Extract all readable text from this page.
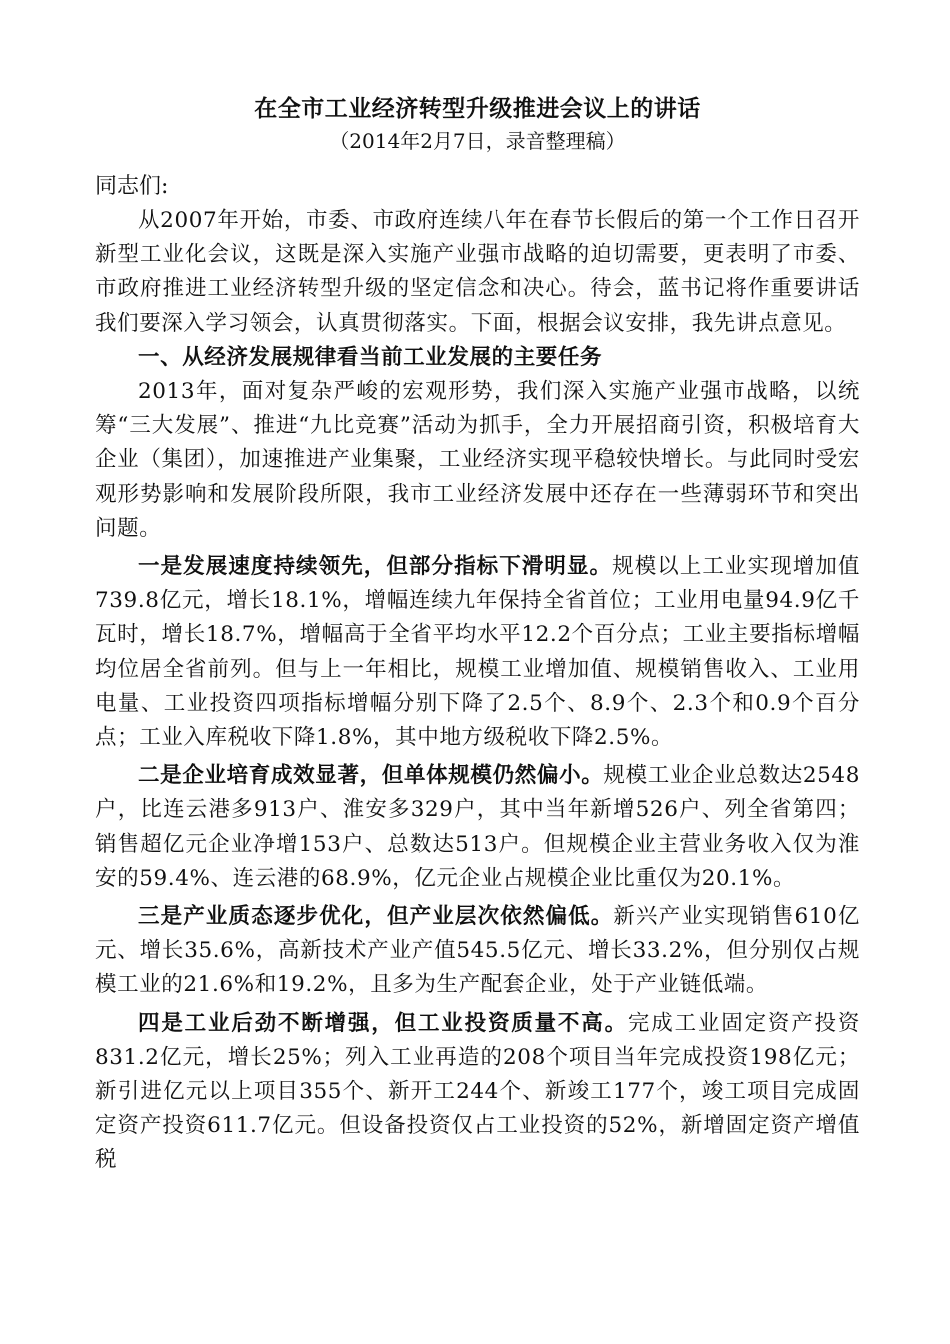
在全市工业经济转型升级推进会议上的讲话

（2014年2月7日，录音整理稿）

同志们:

从2007年开始，市委、市政府连续八年在春节长假后的第一个工作日召开新型工业化会议，这既是深入实施产业强市战略的迫切需要，更表明了市委、市政府推进工业经济转型升级的坚定信念和决心。待会，蓝书记将作重要讲话我们要深入学习领会，认真贯彻落实。下面，根据会议安排，我先讲点意见。

一、从经济发展规律看当前工业发展的主要任务

2013年，面对复杂严峻的宏观形势，我们深入实施产业强市战略，以统筹“三大发展”、推进“九比竞赛”活动为抓手，全力开展招商引资，积极培育大企业（集团），加速推进产业集聚，工业经济实现平稳较快增长。与此同时受宏观形势影响和发展阶段所限，我市工业经济发展中还存在一些薄弱环节和突出问题。

一是发展速度持续领先，但部分指标下滑明显。规模以上工业实现增加值739.8亿元，增长18.1%，增幅连续九年保持全省首位；工业用电量94.9亿千瓦时，增长18.7%，增幅高于全省平均水平12.2个百分点；工业主要指标增幅均位居全省前列。但与上一年相比，规模工业增加值、规模销售收入、工业用电量、工业投资四项指标增幅分别下降了2.5个、8.9个、2.3个和0.9个百分点；工业入库税收下降1.8%，其中地方级税收下降2.5%。

二是企业培育成效显著，但单体规模仍然偏小。规模工业企业总数达2548户，比连云港多913户、淮安多329户，其中当年新增526户、列全省第四；销售超亿元企业净增153户、总数达513户。但规模企业主营业务收入仅为淮安的59.4%、连云港的68.9%，亿元企业占规模企业比重仅为20.1%。

三是产业质态逐步优化，但产业层次依然偏低。新兴产业实现销售610亿元、增长35.6%，高新技术产业产值545.5亿元、增长33.2%，但分别仅占规模工业的21.6%和19.2%，且多为生产配套企业，处于产业链低端。

四是工业后劲不断增强，但工业投资质量不高。完成工业固定资产投资831.2亿元，增长25%；列入工业再造的208个项目当年完成投资198亿元；新引进亿元以上项目355个、新开工244个、新竣工177个，竣工项目完成固定资产投资611.7亿元。但设备投资仅占工业投资的52%，新增固定资产增值税
